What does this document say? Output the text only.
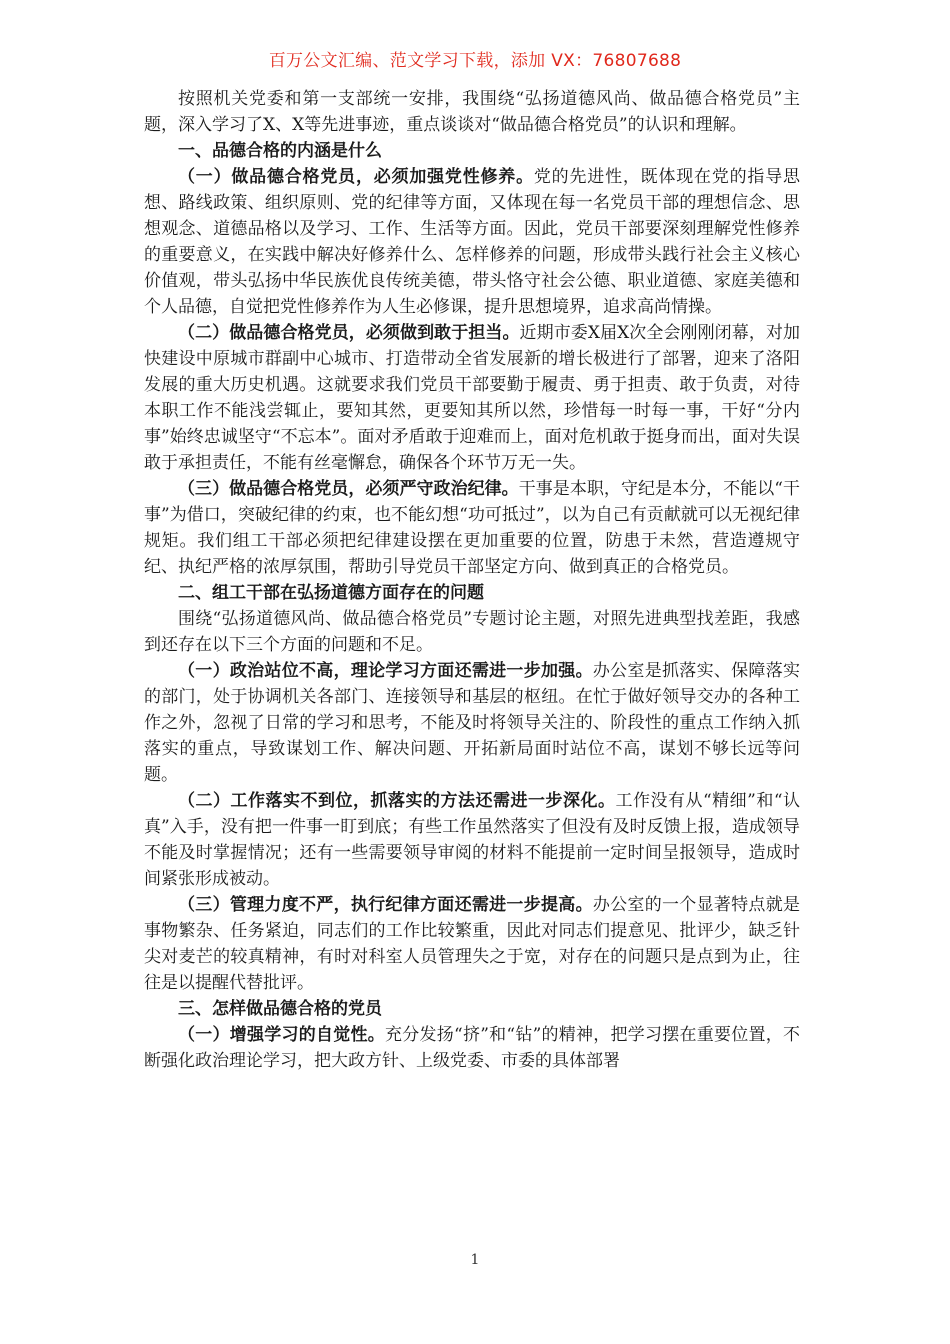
百万公文汇编、范文学习下载，添加 VX：76807688

按照机关党委和第一支部统一安排，我围绕“弘扬道德风尚、做品德合格党员”主题，深入学习了X、X等先进事迹，重点谈谈对“做品德合格党员”的认识和理解。

一、品德合格的内涵是什么

（一）做品德合格党员，必须加强党性修养。党的先进性，既体现在党的指导思想、路线政策、组织原则、党的纪律等方面，又体现在每一名党员干部的理想信念、思想观念、道德品格以及学习、工作、生活等方面。因此，党员干部要深刻理解党性修养的重要意义，在实践中解决好修养什么、怎样修养的问题，形成带头践行社会主义核心价值观，带头弘扬中华民族优良传统美德，带头恪守社会公德、职业道德、家庭美德和个人品德，自觉把党性修养作为人生必修课，提升思想境界，追求高尚情操。

（二）做品德合格党员，必须做到敢于担当。近期市委X届X次全会刚刚闭幕，对加快建设中原城市群副中心城市、打造带动全省发展新的增长极进行了部署，迎来了洛阳发展的重大历史机遇。这就要求我们党员干部要勤于履责、勇于担责、敢于负责，对待本职工作不能浅尝辄止，要知其然，更要知其所以然，珍惜每一时每一事，干好“分内事”始终忠诚坚守“不忘本”。面对矛盾敢于迎难而上，面对危机敢于挺身而出，面对失误敢于承担责任，不能有丝毫懈怠，确保各个环节万无一失。

（三）做品德合格党员，必须严守政治纪律。干事是本职，守纪是本分，不能以“干事”为借口，突破纪律的约束，也不能幻想“功可抵过”，以为自己有贡献就可以无视纪律规矩。我们组工干部必须把纪律建设摆在更加重要的位置，防患于未然，营造遵规守纪、执纪严格的浓厚氛围，帮助引导党员干部坚定方向、做到真正的合格党员。

二、组工干部在弘扬道德方面存在的问题

围绕“弘扬道德风尚、做品德合格党员”专题讨论主题，对照先进典型找差距，我感到还存在以下三个方面的问题和不足。

（一）政治站位不高，理论学习方面还需进一步加强。办公室是抓落实、保障落实的部门，处于协调机关各部门、连接领导和基层的枢纽。在忙于做好领导交办的各种工作之外，忽视了日常的学习和思考，不能及时将领导关注的、阶段性的重点工作纳入抓落实的重点，导致谋划工作、解决问题、开拓新局面时站位不高，谋划不够长远等问题。

（二）工作落实不到位，抓落实的方法还需进一步深化。工作没有从“精细”和“认真”入手，没有把一件事一盯到底；有些工作虽然落实了但没有及时反馈上报，造成领导不能及时掌握情况；还有一些需要领导审阅的材料不能提前一定时间呈报领导，造成时间紧张形成被动。

（三）管理力度不严，执行纪律方面还需进一步提高。办公室的一个显著特点就是事物繁杂、任务紧迫，同志们的工作比较繁重，因此对同志们提意见、批评少，缺乏针尖对麦芒的较真精神，有时对科室人员管理失之于宽，对存在的问题只是点到为止，往往是以提醒代替批评。

三、怎样做品德合格的党员

（一）增强学习的自觉性。充分发扬“挤”和“钻”的精神，把学习摆在重要位置，不断强化政治理论学习，把大政方针、上级党委、市委的具体部署

1
